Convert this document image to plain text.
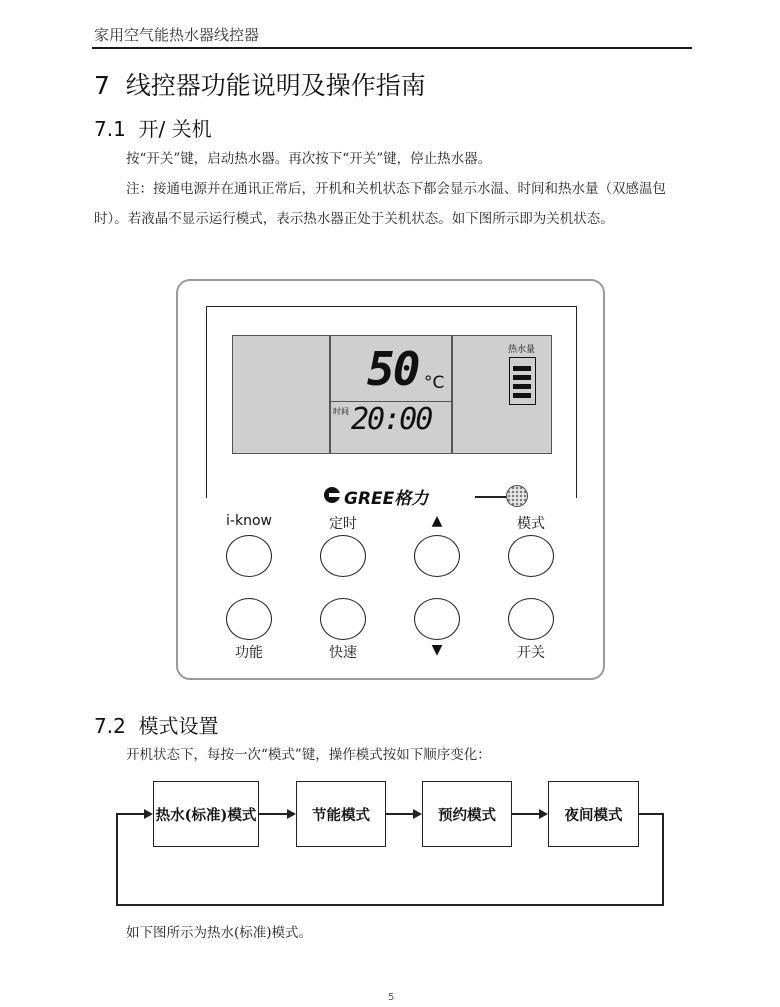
家用空气能热水器线控器
7  线控器功能说明及操作指南
7.1  开/ 关机
按“开关”键，启动热水器。再次按下“开关”键，停止热水器。
注：接通电源并在通讯正常后，开机和关机状态下都会显示水温、时间和热水量（双感温包时）。若液晶不显示运行模式，表示热水器正处于关机状态。如下图所示即为关机状态。
50 °C
时间 20:00
热水量
GREE格力
i-know	定时	▲	模式
功能	快速	▼	开关
7.2  模式设置
开机状态下，每按一次“模式”键，操作模式按如下顺序变化：
热水(标准)模式	节能模式	预约模式	夜间模式
如下图所示为热水(标准)模式。
5
